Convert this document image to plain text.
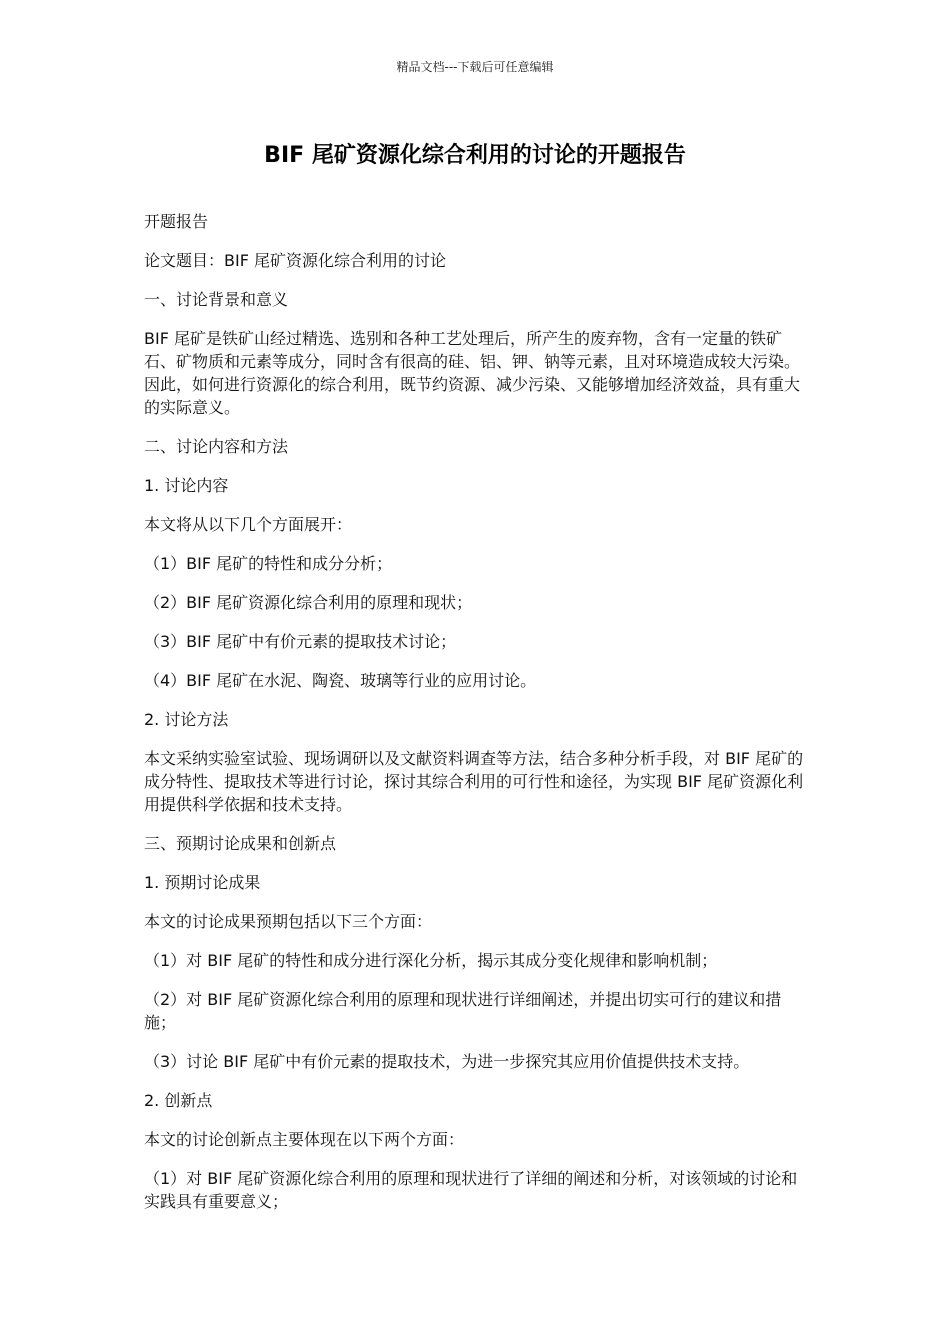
精品文档---下载后可任意编辑
BIF 尾矿资源化综合利用的讨论的开题报告

开题报告

论文题目：BIF 尾矿资源化综合利用的讨论

一、讨论背景和意义

BIF 尾矿是铁矿山经过精选、选别和各种工艺处理后，所产生的废弃物，含有一定量的铁矿石、矿物质和元素等成分，同时含有很高的硅、铝、钾、钠等元素，且对环境造成较大污染。因此，如何进行资源化的综合利用，既节约资源、减少污染、又能够增加经济效益，具有重大的实际意义。

二、讨论内容和方法

1. 讨论内容

本文将从以下几个方面展开：

（1）BIF 尾矿的特性和成分分析；

（2）BIF 尾矿资源化综合利用的原理和现状；

（3）BIF 尾矿中有价元素的提取技术讨论；

（4）BIF 尾矿在水泥、陶瓷、玻璃等行业的应用讨论。

2. 讨论方法

本文采纳实验室试验、现场调研以及文献资料调查等方法，结合多种分析手段，对 BIF 尾矿的成分特性、提取技术等进行讨论，探讨其综合利用的可行性和途径，为实现 BIF 尾矿资源化利用提供科学依据和技术支持。

三、预期讨论成果和创新点

1. 预期讨论成果

本文的讨论成果预期包括以下三个方面：

（1）对 BIF 尾矿的特性和成分进行深化分析，揭示其成分变化规律和影响机制；

（2）对 BIF 尾矿资源化综合利用的原理和现状进行详细阐述，并提出切实可行的建议和措施；

（3）讨论 BIF 尾矿中有价元素的提取技术，为进一步探究其应用价值提供技术支持。

2. 创新点

本文的讨论创新点主要体现在以下两个方面：

（1）对 BIF 尾矿资源化综合利用的原理和现状进行了详细的阐述和分析，对该领域的讨论和实践具有重要意义；
